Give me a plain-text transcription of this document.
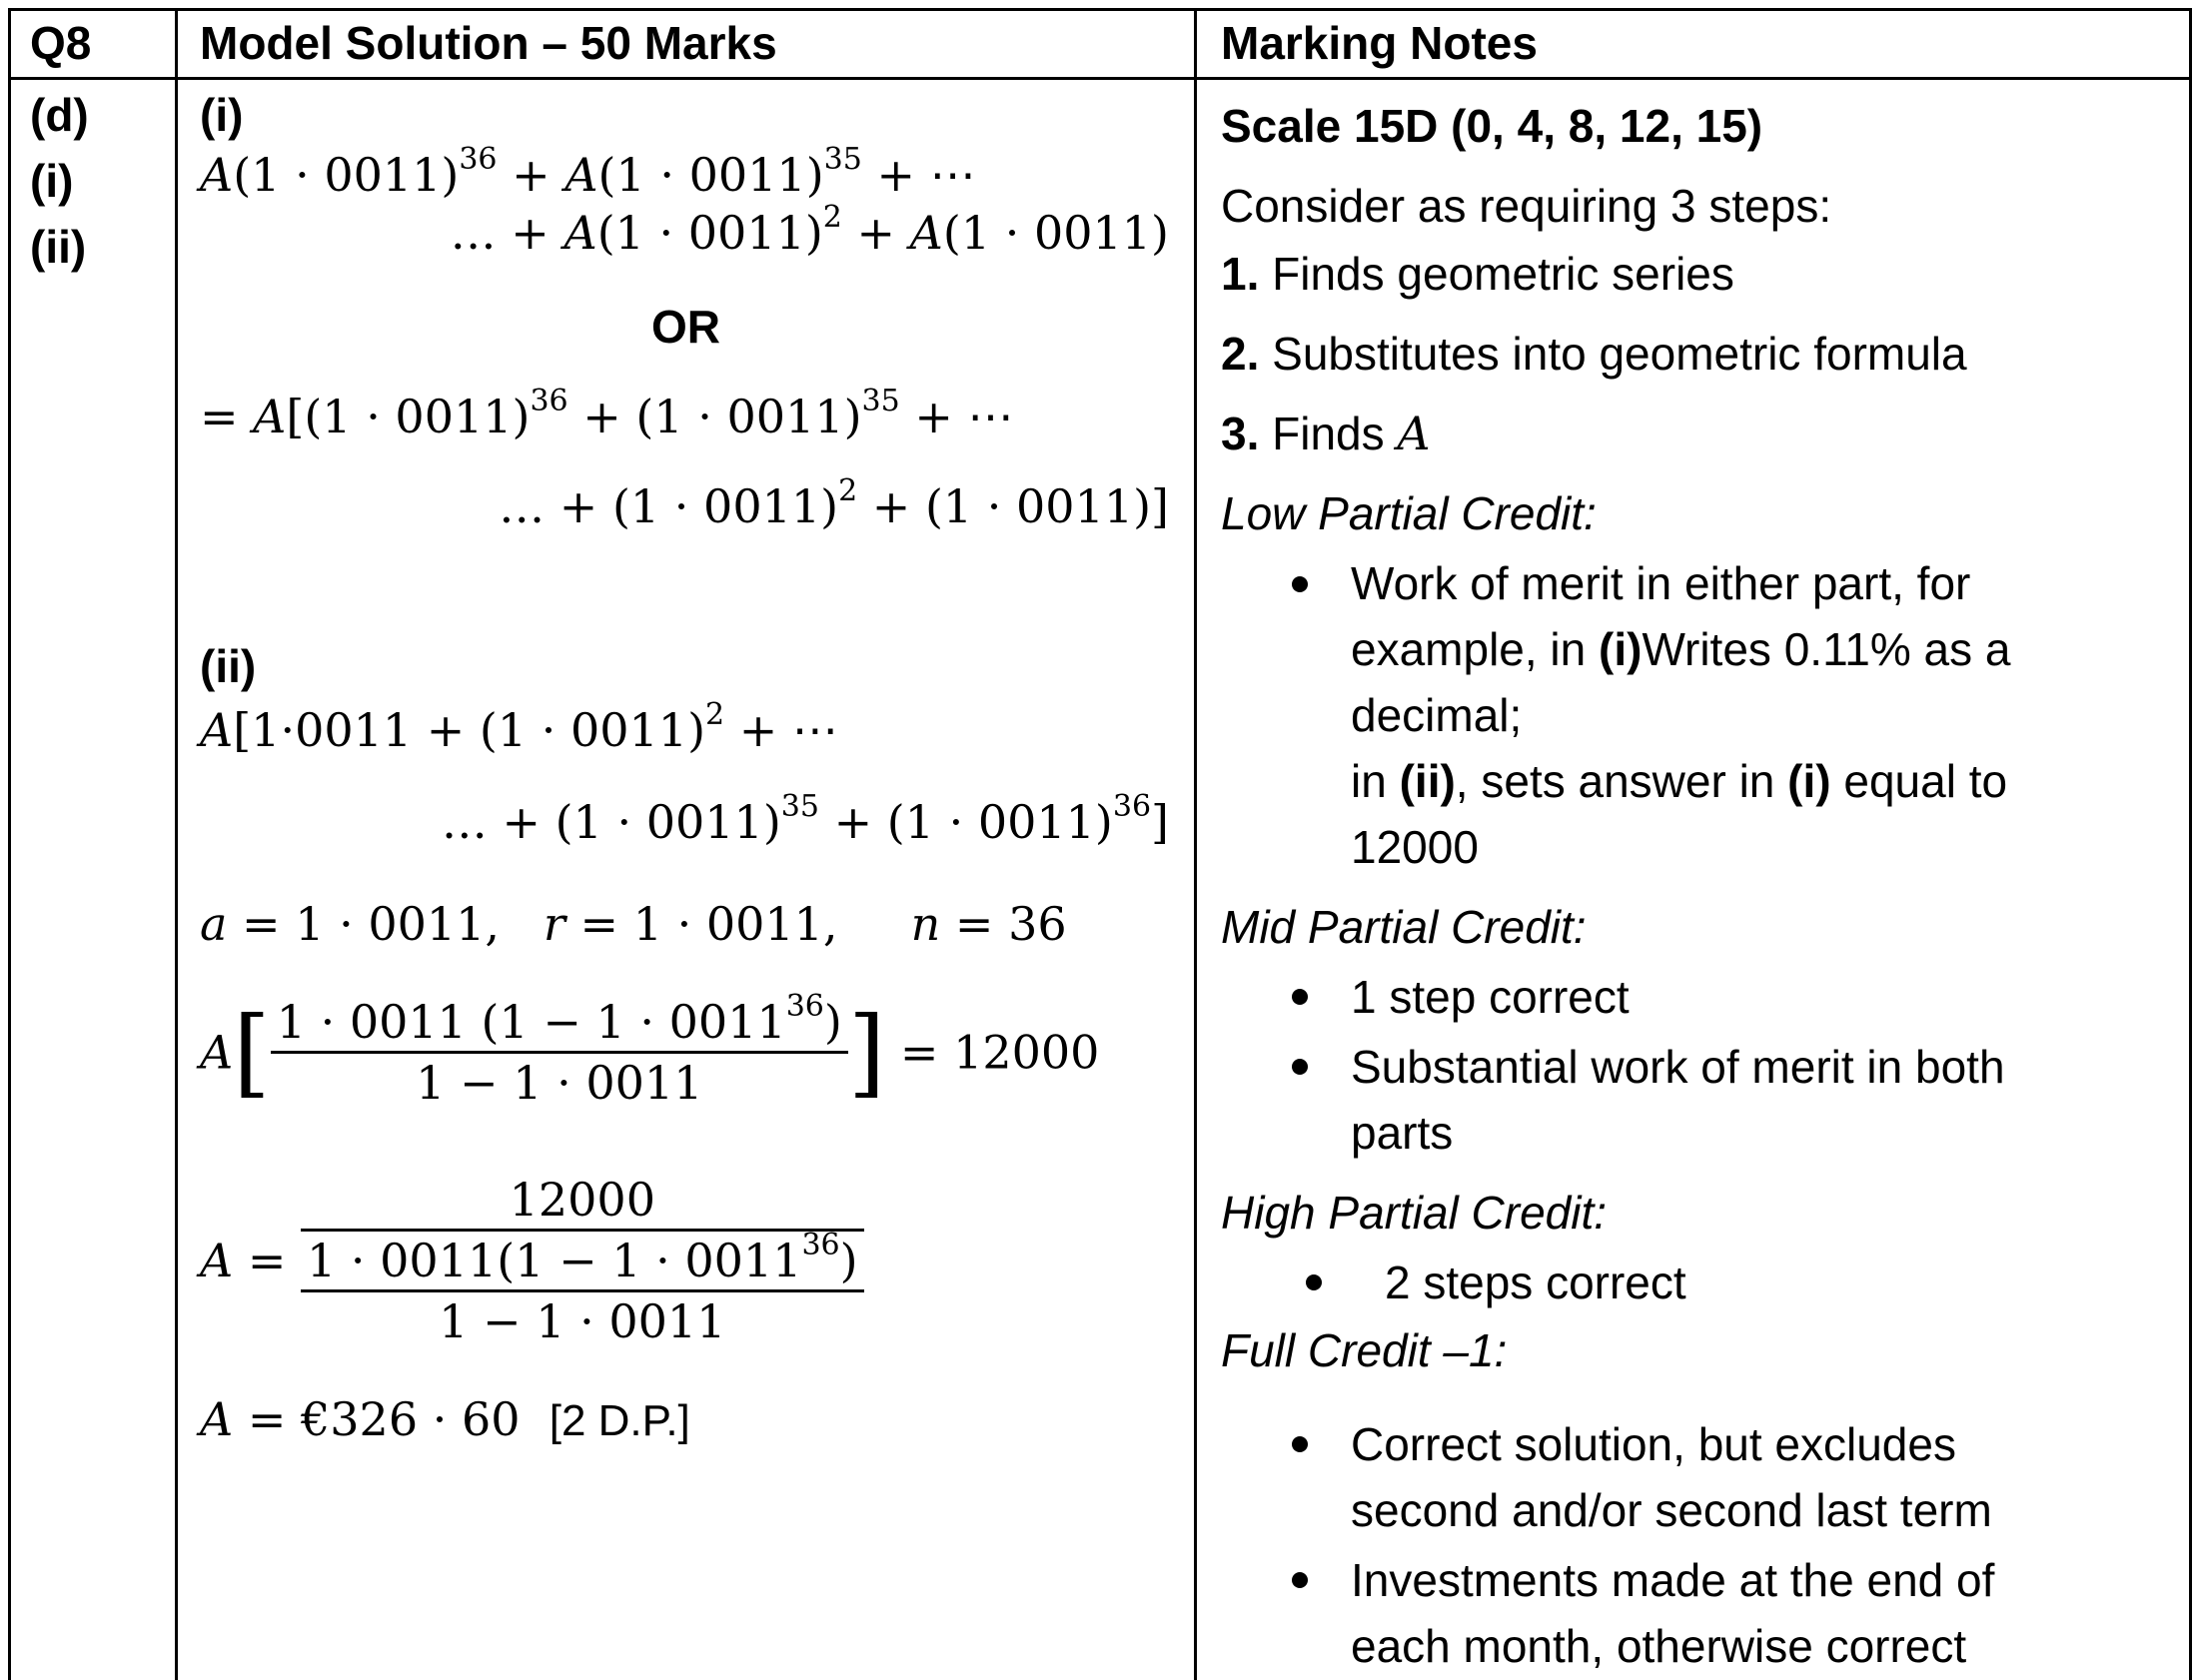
Q8 Model Solution – 50 Marks	Marking Notes
(d)
(i)
(ii)
(i)
$A(1 \cdot 0011)^{36} + A(1 \cdot 0011)^{35}$ + ⋯
… + $A(1 \cdot 0011)^2 + A(1 \cdot 0011)$
OR
= $A[(1 \cdot 0011)^{36} + (1 \cdot 0011)^{35}$ + ⋯
… + $(1 \cdot 0011)^2 + (1 \cdot 0011)$]
(ii)
$A[1\cdot 0011 + (1 \cdot 0011)^2$ + ⋯
… + $(1 \cdot 0011)^{35} + (1 \cdot 0011)^{36}$]
a = 1 · 0011,   r = 1 · 0011,     n = 36
$A[ \frac{1 \cdot 0011 (1 - 1 \cdot 0011^{36})}{1 - 1 \cdot 0011}$ ] = 12000
$A = \frac{12000}{\frac{1 \cdot 0011(1 - 1 \cdot 0011^{36})}{1 - 1 \cdot 0011}}$
A = €326 · 60  [2 D.P.]
Scale 15D (0, 4, 8, 12, 15)
Consider as requiring 3 steps:
1. Finds geometric series
2. Substitutes into geometric formula
3. Finds A
Low Partial Credit:
Work of merit in either part, for
example, in (i)Writes 0.11% as a
decimal;
in (ii), sets answer in (i) equal to
12000
Mid Partial Credit:
1 step correct
Substantial work of merit in both
parts
High Partial Credit:
2 steps correct
Full Credit –1:
Correct solution, but excludes
second and/or second last term
Investments made at the end of
each month, otherwise correct
